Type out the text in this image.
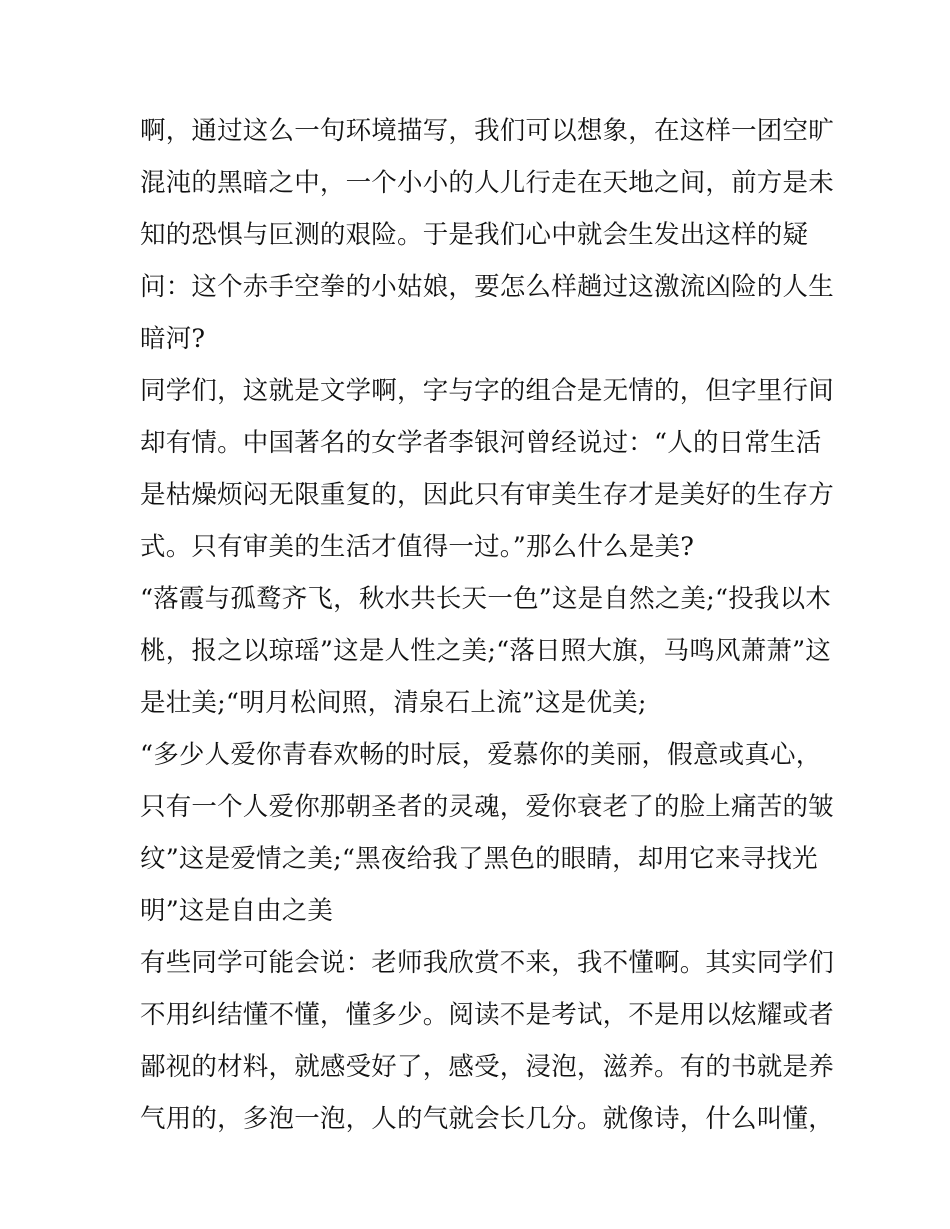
啊，通过这么一句环境描写，我们可以想象，在这样一团空旷
混沌的黑暗之中，一个小小的人儿行走在天地之间，前方是未
知的恐惧与叵测的艰险。于是我们心中就会生发出这样的疑
问：这个赤手空拳的小姑娘，要怎么样趟过这激流凶险的人生
暗河?
同学们，这就是文学啊，字与字的组合是无情的，但字里行间
却有情。中国著名的女学者李银河曾经说过：“人的日常生活
是枯燥烦闷无限重复的，因此只有审美生存才是美好的生存方
式。只有审美的生活才值得一过。”那么什么是美?
“落霞与孤鹜齐飞，秋水共长天一色”这是自然之美;“投我以木
桃，报之以琼瑶”这是人性之美;“落日照大旗，马鸣风萧萧”这
是壮美;“明月松间照，清泉石上流”这是优美;
“多少人爱你青春欢畅的时辰，爱慕你的美丽，假意或真心，
只有一个人爱你那朝圣者的灵魂，爱你衰老了的脸上痛苦的皱
纹”这是爱情之美;“黑夜给我了黑色的眼睛，却用它来寻找光
明”这是自由之美
有些同学可能会说：老师我欣赏不来，我不懂啊。其实同学们
不用纠结懂不懂，懂多少。阅读不是考试，不是用以炫耀或者
鄙视的材料，就感受好了，感受，浸泡，滋养。有的书就是养
气用的，多泡一泡，人的气就会长几分。就像诗，什么叫懂，
